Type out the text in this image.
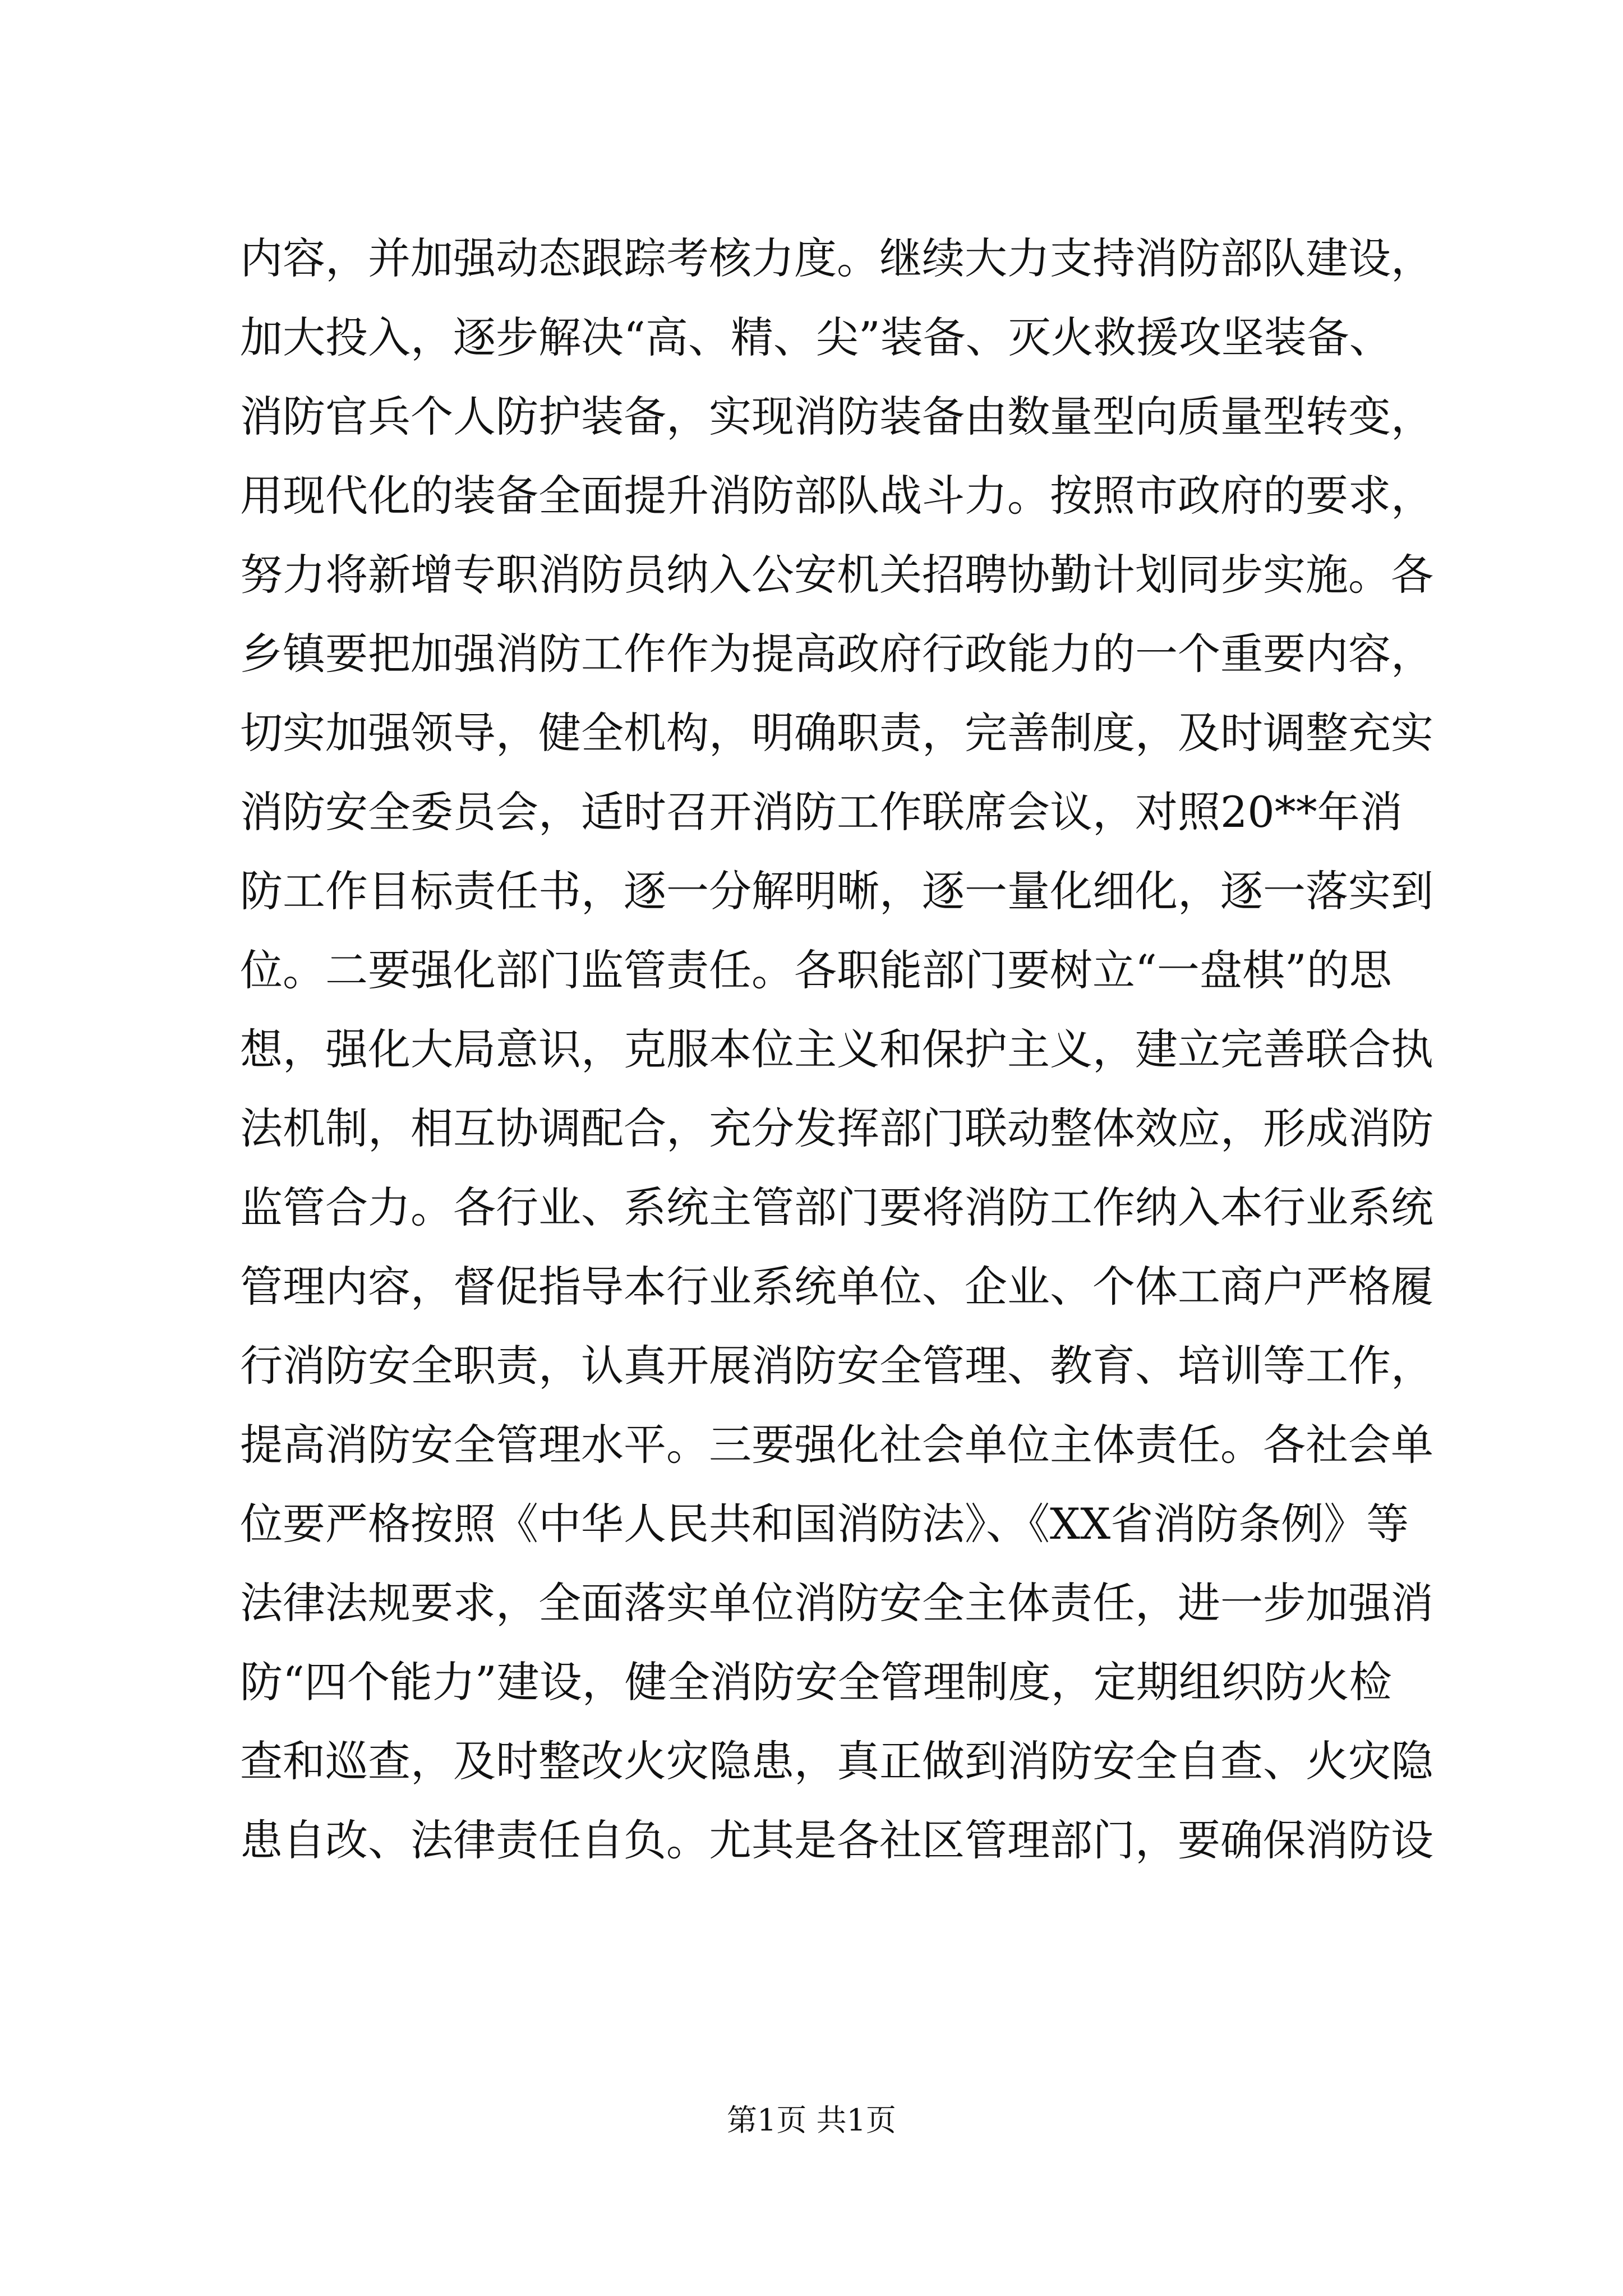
内容，并加强动态跟踪考核力度。继续大力支持消防部队建设，
加大投入，逐步解决“高、精、尖”装备、灭火救援攻坚装备、
消防官兵个人防护装备，实现消防装备由数量型向质量型转变，
用现代化的装备全面提升消防部队战斗力。按照市政府的要求，
努力将新增专职消防员纳入公安机关招聘协勤计划同步实施。各
乡镇要把加强消防工作作为提高政府行政能力的一个重要内容，
切实加强领导，健全机构，明确职责，完善制度，及时调整充实
消防安全委员会，适时召开消防工作联席会议，对照20**年消
防工作目标责任书，逐一分解明晰，逐一量化细化，逐一落实到
位。二要强化部门监管责任。各职能部门要树立“一盘棋”的思
想，强化大局意识，克服本位主义和保护主义，建立完善联合执
法机制，相互协调配合，充分发挥部门联动整体效应，形成消防
监管合力。各行业、系统主管部门要将消防工作纳入本行业系统
管理内容，督促指导本行业系统单位、企业、个体工商户严格履
行消防安全职责，认真开展消防安全管理、教育、培训等工作，
提高消防安全管理水平。三要强化社会单位主体责任。各社会单
位要严格按照《中华人民共和国消防法》、《XX省消防条例》等
法律法规要求，全面落实单位消防安全主体责任，进一步加强消
防“四个能力”建设，健全消防安全管理制度，定期组织防火检
查和巡查，及时整改火灾隐患，真正做到消防安全自查、火灾隐
患自改、法律责任自负。尤其是各社区管理部门，要确保消防设
第1页 共1页
